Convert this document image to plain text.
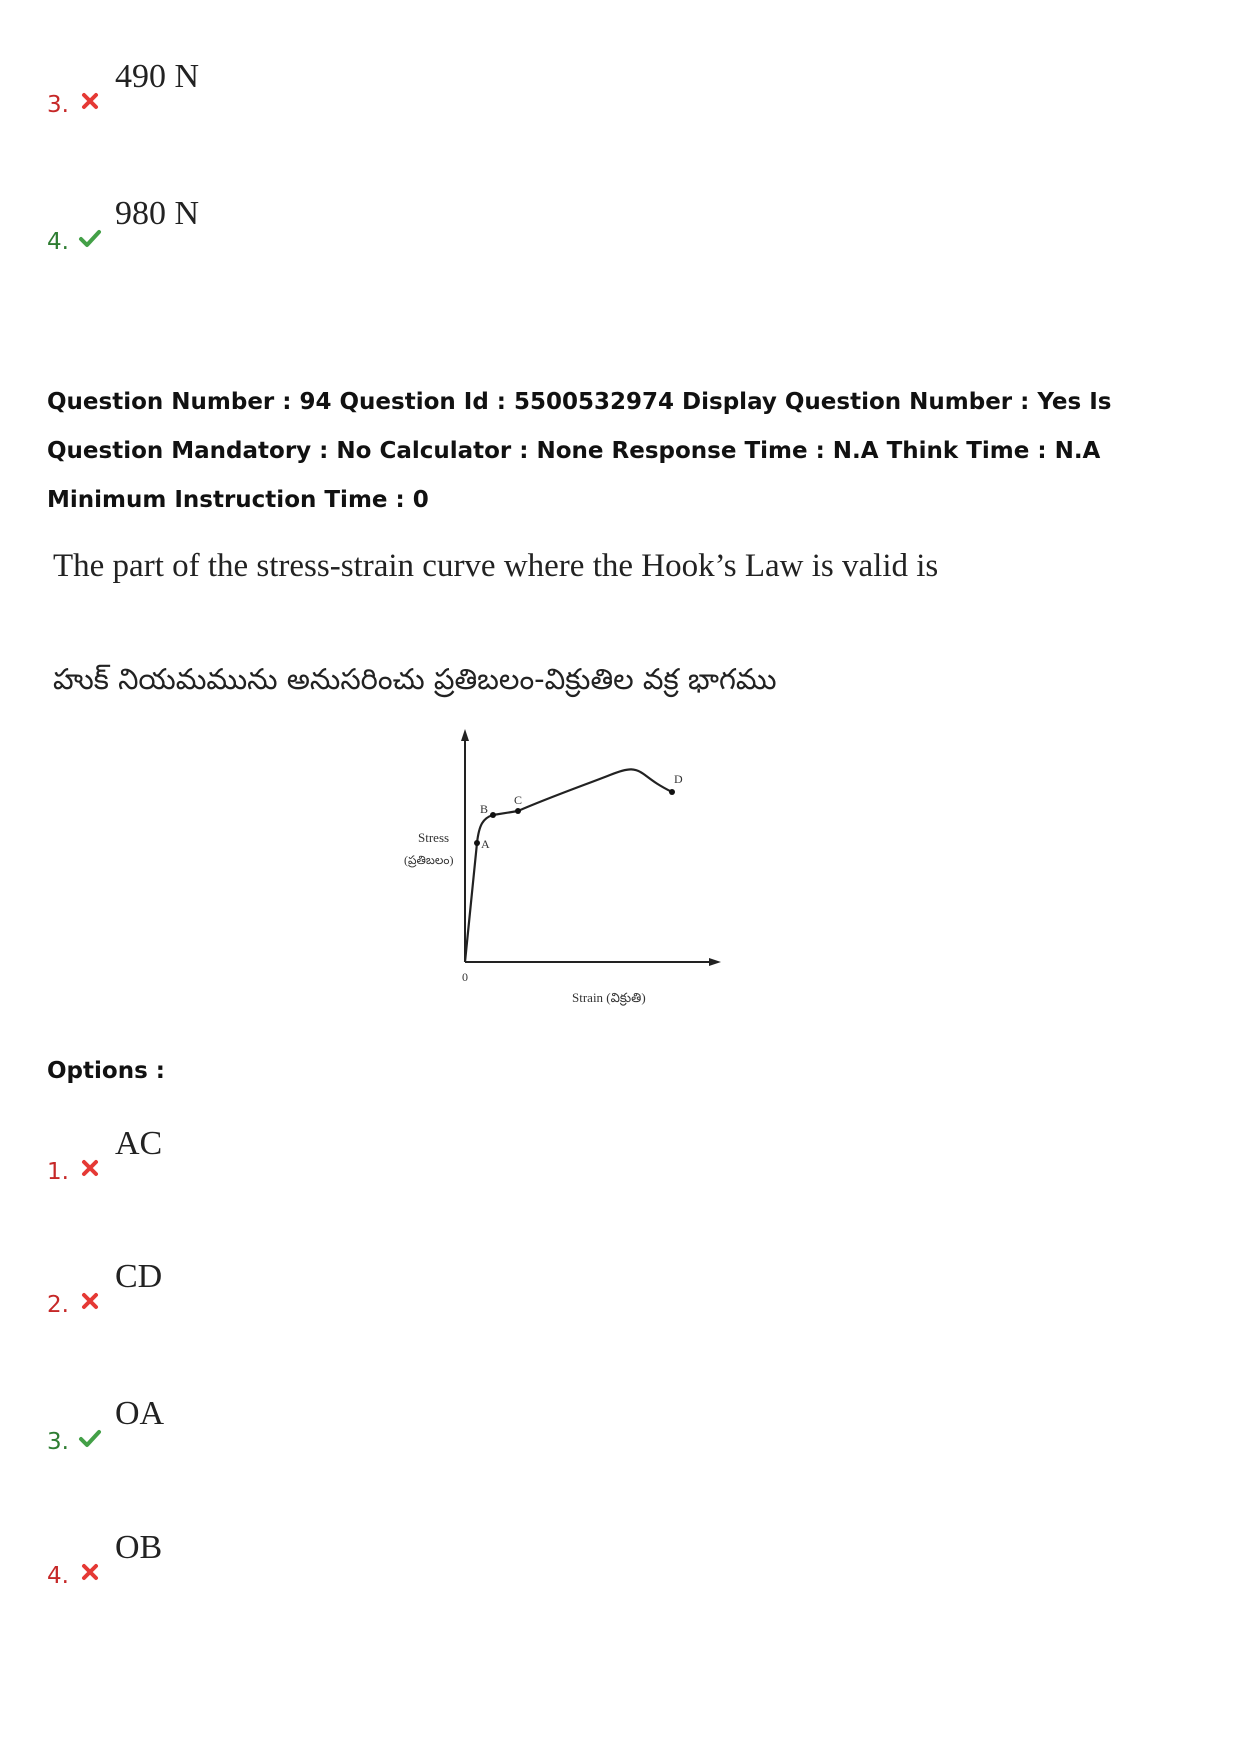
3.
490 N
4.
980 N
Question Number : 94 Question Id : 5500532974 Display Question Number : Yes Is Question Mandatory : No Calculator : None Response Time : N.A Think Time : N.A Minimum Instruction Time : 0
The part of the stress-strain curve where the Hook’s Law is valid is
హుక్ నియమమును అనుసరించు ప్రతిబలం-విక్రుతిల వక్ర భాగము
A
B
C
D
Stress
(ప్రతిబలం)
0
Strain (విక్రుతి)
Options :
1.
AC
2.
CD
3.
OA
4.
OB
